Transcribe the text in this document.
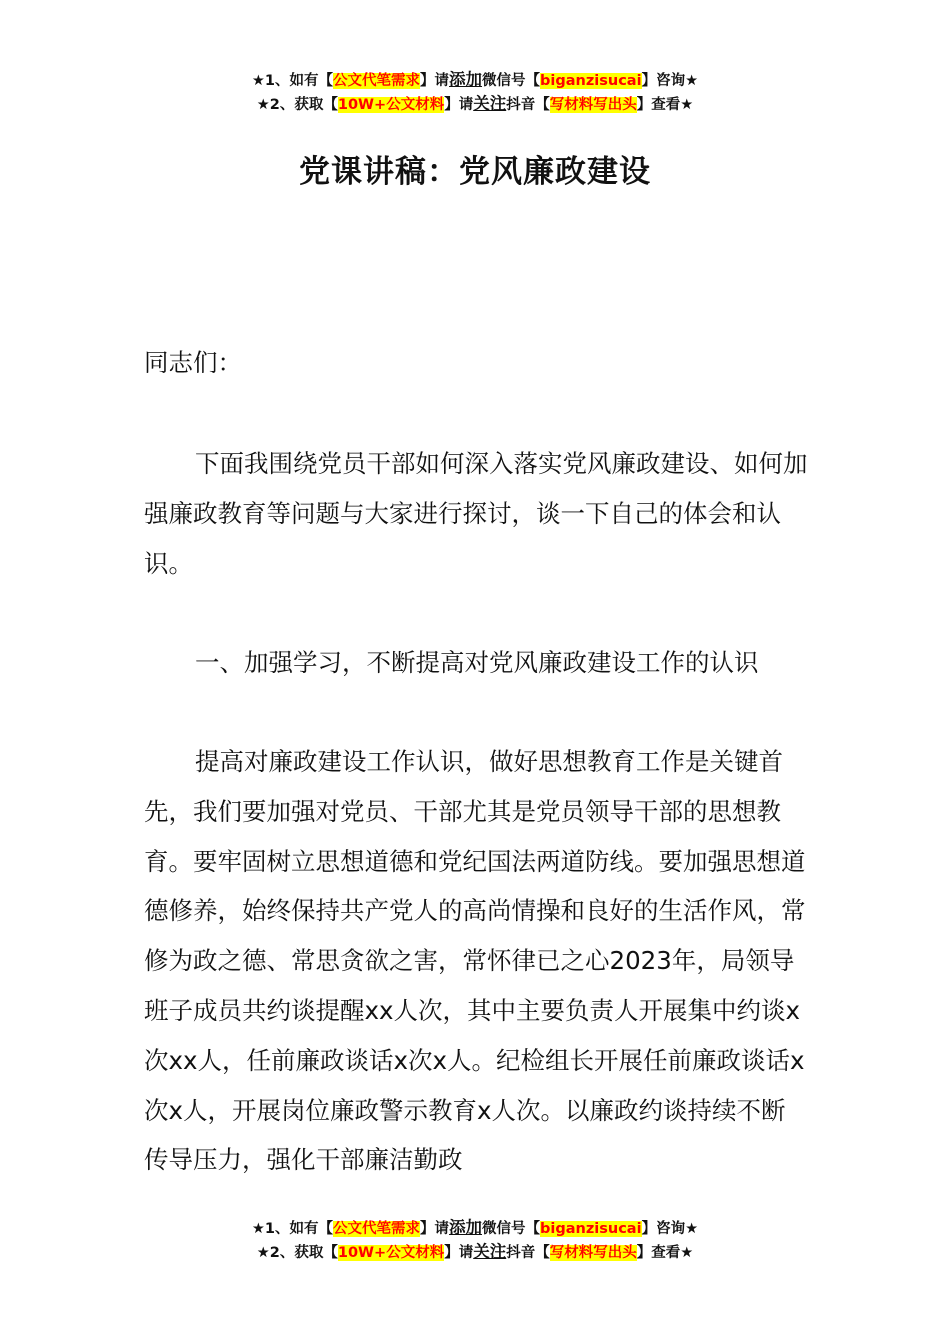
★1、如有【公文代笔需求】请添加微信号【biganzisucai】咨询★
★2、获取【10W+公文材料】请关注抖音【写材料写出头】查看★
党课讲稿：党风廉政建设

同志们：

下面我围绕党员干部如何深入落实党风廉政建设、如何加强廉政教育等问题与大家进行探讨，谈一下自己的体会和认识。

一、加强学习，不断提高对党风廉政建设工作的认识

提高对廉政建设工作认识，做好思想教育工作是关键首先，我们要加强对党员、干部尤其是党员领导干部的思想教育。要牢固树立思想道德和党纪国法两道防线。要加强思想道德修养，始终保持共产党人的高尚情操和良好的生活作风，常修为政之德、常思贪欲之害，常怀律已之心2023年，局领导班子成员共约谈提醒xx人次，其中主要负责人开展集中约谈x次xx人，任前廉政谈话x次x人。纪检组长开展任前廉政谈话x次x人，开展岗位廉政警示教育x人次。以廉政约谈持续不断传导压力，强化干部廉洁勤政

★1、如有【公文代笔需求】请添加微信号【biganzisucai】咨询★
★2、获取【10W+公文材料】请关注抖音【写材料写出头】查看★
